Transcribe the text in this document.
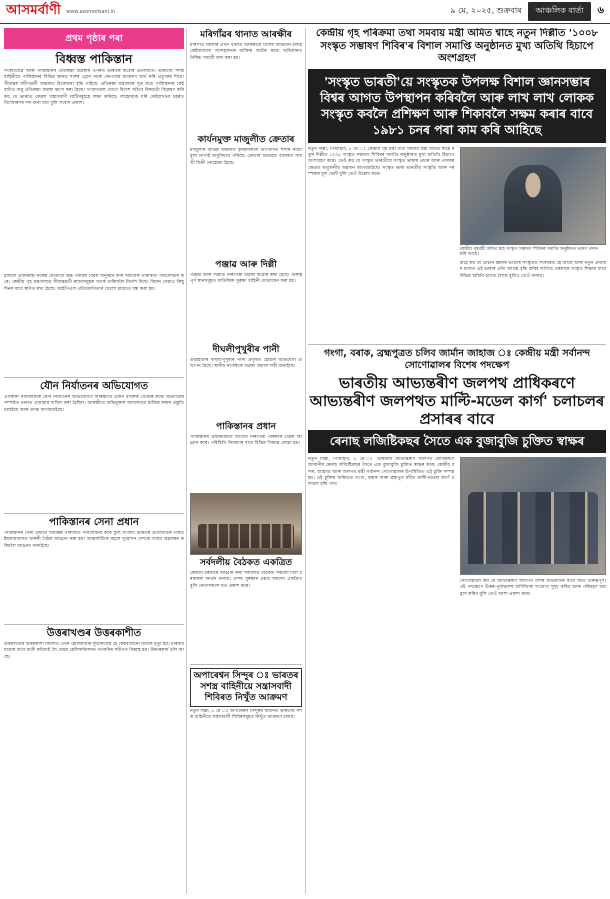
আসমর্বাণী www.asomorbani.in	৯ মে, ২০২৫, শুক্ৰবাৰ	আঞ্চলিক বাৰ্তা	৬
প্ৰথম পৃষ্ঠাৰ পৰা
বিধ্বস্ত পাকিস্তান
সংস্থাটোৱে আৰু পাকিস্তানৰ প্ৰতিৰক্ষা ব্যৱস্থাৰ ওপৰত ভাৰতৰ কঠোৰ প্ৰত্যাঘাত। ভাৰতীয় সশস্ত্ৰ বাহিনীয়ে পাকিস্তানৰ বিভিন্ন স্থানত শত্ৰুৰ ড্ৰোন আৰু ক্ষেপণাস্ত্ৰ আক্ৰমণ ব্যৰ্থ কৰি প্ৰত্যুত্তৰ দিয়ে। সীমান্তৰ সমীপৱৰ্তী অঞ্চলত উত্তেজনা বৃদ্ধি পাইছে। প্ৰতিৰক্ষা মন্ত্ৰালয়ৰ সূত্ৰ মতে পাকিস্তানৰ কেইবাটাও বায়ু প্ৰতিৰক্ষা ব্যৱস্থা ধ্বংস কৰা হৈছে। সংবাদমেল যোগে বিদেশ সচিবে বিষয়টো বিশ্লেষণ কৰি কয় যে ভাৰতে কেৱল সন্ত্ৰাসবাদী ঘাটিসমূহহে লক্ষ্য কৰিছে। লাহোৰকে ধৰি কেইবাখনো চহৰত বিস্ফোৰণৰ শব্দ শুনা যায় বুলি সংবাদ প্ৰকাশ।
ইফালে প্ৰধানমন্ত্ৰী নৰেন্দ্ৰ মোডীয়ে উচ্চ পৰ্যায়ৰ বৈঠক অনুষ্ঠিত কৰি সামগ্ৰিক পৰিস্থিতি পৰ্যালোচনা কৰে। কেন্দ্ৰীয় গৃহ মন্ত্ৰণালয়ে সীমান্তৱৰ্তী ৰাজ্যসমূহক সতৰ্ক থাকিবলৈ নিৰ্দেশ দিছে। বিমান সেৱাও কিছু দিনৰ বাবে স্থগিত ৰখা হৈছে। আইপিএল প্ৰতিযোগিতাৰ খেলো মাজতে বন্ধ কৰা হয়।
যৌন নিৰ্যাতনৰ অভিযোগত
এগৰাকী নাবালিকাক যৌন নিৰ্যাতনৰ অভিযোগত আৰক্ষীয়ে এজন ব্যক্তিক গ্ৰেপ্তাৰ কৰে। ঘটনাটোৰ সম্পৰ্কত থানাত এজাহাৰ দাখিল কৰা হৈছিল। আৰক্ষীয়ে অভিযুক্তক আদালতত হাজিৰ কৰাৰ প্ৰস্তুতি চলাইছে আৰু তদন্ত আগবঢ়াইছে।
পাকিস্তানৰ সেনা প্ৰধান
পাকিস্তানৰ সেনা প্ৰধানে সীমান্তৰ পৰিস্থিতি পৰ্যালোচনা কৰে বুলি সংবাদ। ভাৰতৰ প্ৰত্যাঘাতৰ পিছত ইছলামাবাদত জৰুৰী বৈঠক আহ্বান কৰা হয়। আন্তৰ্জাতিক মহলে দুয়োখন দেশকে সংযম অৱলম্বন কৰিবলৈ আহ্বান জনাইছে।
উত্তৰাখণ্ডৰ উত্তৰকাশীত
উত্তৰাখণ্ডৰ উত্তৰকাশী জিলাত এখন হেলিকপ্টাৰ দুৰ্ঘটনাগ্ৰস্ত হৈ কেইবাজনো যাত্ৰীৰ মৃত্যু হয়। চাৰধাম যাত্ৰাৰ বাবে যাত্ৰী কঢ়িয়াই লৈ যোৱা হেলিকপ্টাৰখন গংনানিৰ সমীপত বিধ্বস্ত হয়। উদ্ধাৰকাৰ্য চলি আছে।
মৰিগাঁৱৰ থানাত আৰক্ষীৰ
মৰিগাঁও জিলাৰ এখন থানাত আৰক্ষীয়ে বিশেষ অভিযান চলাই কেইবাজনো সন্দেহজনক ব্যক্তিক আটক কৰে। অভিযানত নিষিদ্ধ সামগ্ৰী জব্দ কৰা হয়।
কাৰ্যনমুক্ত মাজুলীত ক্ৰেতাৰ
মাজুলীৰ বিভিন্ন অঞ্চলত কৃষকসকলে উৎপাদিত শস্যৰ ন্যায্য মূল্য নাপাই অসুবিধাত পৰিছে। ক্ৰেতাৰ অভাৱত বজাৰত সামগ্ৰী বিক্ৰী নোহোৱা হৈছে।
পঞ্জাৱ আৰু দিল্লী
পঞ্জাৱ আৰু দিল্লীত নিৰাপত্তা ব্যৱস্থা কঠোৰ কৰা হৈছে। গুৰুত্বপূৰ্ণ স্থানসমূহত অতিৰিক্ত সুৰক্ষা বাহিনী মোতায়েন কৰা হয়।
দীঘলীপুখুৰীৰ পানী
গুৱাহাটীৰ দীঘলীপুখুৰীৰ পানী প্ৰদূষিত হোৱাৰ অভিযোগ উত্থাপন হৈছে। স্থানীয় নাগৰিকে ব্যৱস্থা গ্ৰহণৰ দাবী জনাইছে।
পাকিস্তানৰ প্ৰধান
পাকিস্তানৰ প্ৰধানমন্ত্ৰীয়ে জাতীয় নিৰাপত্তা পৰিষদৰ বৈঠক আহ্বান কৰে। পৰিস্থিতি নিয়ন্ত্ৰণৰ বাবে বিভিন্ন সিদ্ধান্ত লোৱা হয়।
সৰ্বদলীয় বৈঠকত একত্ৰিত
কেন্দ্ৰীয় চৰকাৰে আহ্বান কৰা সৰ্বদলীয় বৈঠকত সকলো দলে চৰকাৰক সমৰ্থন জনায়। দেশৰ সুৰক্ষাৰ প্ৰশ্নত সকলো একত্ৰিত বুলি নেতাসকলে মত প্ৰকাশ কৰে।
অপাৰেশ্বন সিন্দুৰ ঃ ভাৰতৰ সশস্ত্ৰ বাহিনীয়ে সন্ত্ৰাসবাদী শিবিৰত নিখুঁত আক্ৰমণ
নতুন দিল্লী, ৮ মে ঃ অপাৰেশ্বন সিন্দুৰৰ অধীনত ভাৰতীয় সশস্ত্ৰ বাহিনীয়ে সন্ত্ৰাসবাদী শিবিৰসমূহত নিখুঁত আক্ৰমণ চলায়।
কেন্দ্ৰীয় গৃহ পৰিক্ৰমা তথা সমবায় মন্ত্ৰী অমিত শ্বাহে নতুন দিল্লীত '১০০৮ সংস্কৃত সম্ভাষণ শিবিৰ'ৰ বিশাল সমাপ্তি অনুষ্ঠানত মুখ্য অতিথি হিচাপে অংশগ্ৰহণ
'সংস্কৃত ভাৰতী'য়ে সংস্কৃতক উপলক্ষ বিশাল জ্ঞানসম্ভাৰ বিশ্বৰ আগত উপস্থাপন কৰিবলৈ আৰু লাখ লাখ লোকক সংস্কৃত কবলৈ প্ৰশিক্ষণ আৰু শিকাবলৈ সক্ষম কৰাৰ বাবে ১৯৮১ চনৰ পৰা কাম কৰি আহিছে
নতুন দিল্লী, পিআইবি, ৮ মে ঃ কেন্দ্ৰীয় গৃহ মন্ত্ৰী তথা সমবায় মন্ত্ৰী অমিত শ্বাহে নতুন দিল্লীত ১০০৮ সংস্কৃত সম্ভাষণ শিবিৰৰ সমাপ্তি অনুষ্ঠানত মুখ্য অতিথি হিচাপে অংশগ্ৰহণ কৰে। তেওঁ কয় যে সংস্কৃত ভাৰতীয়ে সংস্কৃত ভাষাৰ প্ৰচাৰ আৰু প্ৰসাৰৰ ক্ষেত্ৰত অতুলনীয় অৱদান আগবঢ়াইছে। সংস্কৃত ভাষা ভাৰতীয় সংস্কৃতি আৰু পৰম্পৰাৰ মূল ভেটি বুলি তেওঁ উল্লেখ কৰে।
কেন্দ্ৰীয় গৃহমন্ত্ৰী অমিত শ্বাহ সংস্কৃত সম্ভাষণ শিবিৰৰ সমাপ্তি অনুষ্ঠানত ভাষণ প্ৰদান কৰি আছে।
শ্বাহে কয় যে প্ৰাচীন জ্ঞানৰ ভাণ্ডাৰ সংস্কৃতত সংৰক্ষিত হৈ আছে আৰু নতুন প্ৰজন্মৰ মাজত এই ভাষাৰ প্ৰতি আগ্ৰহ বৃদ্ধি কৰিব লাগিব। চৰকাৰে সংস্কৃত শিক্ষাৰ বাবে বিভিন্ন আঁচনি হাতত লৈছে বুলিও তেওঁ জনায়।
গংগা, বৰাক, ব্ৰহ্মপুত্ৰত চলিব জাৰ্মান জাহাজ ঃ কেন্দ্ৰীয় মন্ত্ৰী সৰ্বানন্দ সোণোৱালৰ বিশেষ পদক্ষেপ
ভাৰতীয় আভ্যন্তৰীণ জলপথ প্ৰাধিকৰণে আভ্যন্তৰীণ জলপথত মাল্টি-মডেল কাৰ্গ' চলাচলৰ প্ৰসাৰৰ বাবে
ৰেনাছ লজিষ্টিকছৰ সৈতে এক বুজাবুজি চুক্তিত স্বাক্ষৰ
নতুন দিল্লী, পিআইবি, ৮ মে ঃ ভাৰতীয় আভ্যন্তৰীণ জলপথ প্ৰাধিকৰণে জাৰ্মানীৰ ৰেনাছ লজিষ্টিকছৰ সৈতে এক বুজাবুজি চুক্তিত স্বাক্ষৰ কৰে। কেন্দ্ৰীয় বন্দৰ, জাহাজ আৰু জলপথ মন্ত্ৰী সৰ্বানন্দ সোণোৱালৰ উপস্থিতিত এই চুক্তি সম্পন্ন হয়। এই চুক্তিৰ জৰিয়তে গংগা, বৰাক আৰু ব্ৰহ্মপুত্ৰ নদীত মাল্টি-মডেল কাৰ্গ' চলাচল বৃদ্ধি পাব।
সোণোৱালে কয় যে আভ্যন্তৰীণ জলপথ দেশৰ অৰ্থনীতিৰ বাবে অতি গুৰুত্বপূৰ্ণ। এই পদক্ষেপে উত্তৰ-পূৰ্বাঞ্চলৰ বাণিজ্যিক সংযোগ সুদৃঢ় কৰিব আৰু পৰিবহণ ব্যয় হ্ৰাস কৰিব বুলি তেওঁ আশা প্ৰকাশ কৰে।
